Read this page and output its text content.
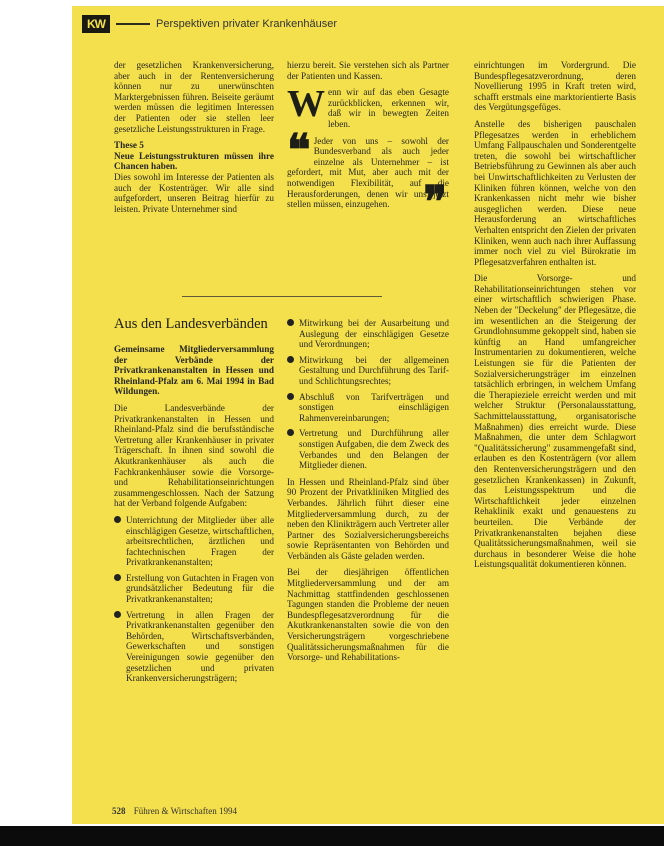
KW	Perspektiven privater Krankenhäuser

der gesetzlichen Krankenversicherung, aber auch in der Rentenversicherung können nur zu unerwünschten Marktergebnissen führen. Beiseite geräumt werden müssen die legitimen Interessen der Patienten oder sie stellen leer gesetzliche Leistungsstrukturen in Frage.

These 5

Neue Leistungsstrukturen müssen ihre Chancen haben.

Dies sowohl im Interesse der Patienten als auch der Kostenträger. Wir alle sind aufgefordert, unseren Beitrag hierfür zu leisten. Private Unternehmer sind

Aus den Landesverbänden

Gemeinsame Mitgliederversammlung der Verbände der Privatkrankenanstalten in Hessen und Rheinland-Pfalz am 6. Mai 1994 in Bad Wildungen.

Die Landesverbände der Privatkrankenanstalten in Hessen und Rheinland-Pfalz sind die berufsständische Vertretung aller Krankenhäuser in privater Trägerschaft. In ihnen sind sowohl die Akutkrankenhäuser als auch die Fachkrankenhäuser sowie die Vorsorge- und Rehabilitationseinrichtungen zusammengeschlossen. Nach der Satzung hat der Verband folgende Aufgaben:

Unterrichtung der Mitglieder über alle einschlägigen Gesetze, wirtschaftlichen, arbeitsrechtlichen, ärztlichen und fachtechnischen Fragen der Privatkrankenanstalten;
Erstellung von Gutachten in Fragen von grundsätzlicher Bedeutung für die Privatkrankenanstalten;
Vertretung in allen Fragen der Privatkrankenanstalten gegenüber den Behörden, Wirtschaftsverbänden, Gewerkschaften und sonstigen Vereinigungen sowie gegenüber den gesetzlichen und privaten Krankenversicherungsträgern;

hierzu bereit. Sie verstehen sich als Partner der Patienten und Kassen.

Wenn wir auf das eben Gesagte zurückblicken, erkennen wir, daß wir in bewegten Zeiten leben.

❝ Jeder von uns – sowohl der Bundesverband als auch jeder einzelne als Unternehmer – ist gefordert, mit Mut, aber auch mit der notwendigen Flexibilität, auf die Herausforderungen, denen wir uns jetzt stellen müssen, einzugehen. ❞
Mitwirkung bei der Ausarbeitung und Auslegung der einschlägigen Gesetze und Verordnungen;
Mitwirkung bei der allgemeinen Gestaltung und Durchführung des Tarif- und Schlichtungsrechtes;
Abschluß von Tarifverträgen und sonstigen einschlägigen Rahmenvereinbarungen;
Vertretung und Durchführung aller sonstigen Aufgaben, die dem Zweck des Verbandes und den Belangen der Mitglieder dienen.

In Hessen und Rheinland-Pfalz sind über 90 Prozent der Privatkliniken Mitglied des Verbandes. Jährlich führt dieser eine Mitgliederversammlung durch, zu der neben den Klinikträgern auch Vertreter aller Partner des Sozialversicherungsbereichs sowie Repräsentanten von Behörden und Verbänden als Gäste geladen werden.

Bei der diesjährigen öffentlichen Mitgliederversammlung und der am Nachmittag stattfindenden geschlossenen Tagungen standen die Probleme der neuen Bundespflegesatzverordnung für die Akutkrankenanstalten sowie die von den Versicherungsträgern vorgeschriebene Qualitätssicherungsmaßnahmen für die Vorsorge- und Rehabilitations-

einrichtungen im Vordergrund. Die Bundespflegesatzverordnung, deren Novellierung 1995 in Kraft treten wird, schafft erstmals eine marktorientierte Basis des Vergütungsgefüges.

Anstelle des bisherigen pauschalen Pflegesatzes werden in erheblichem Umfang Fallpauschalen und Sonderentgelte treten, die sowohl bei wirtschaftlicher Betriebsführung zu Gewinnen als aber auch bei Unwirtschaftlichkeiten zu Verlusten der Kliniken führen können, welche von den Krankenkassen nicht mehr wie bisher ausgeglichen werden. Diese neue Herausforderung an wirtschaftliches Verhalten entspricht den Zielen der privaten Kliniken, wenn auch nach ihrer Auffassung immer noch viel zu viel Bürokratie im Pflegesatzverfahren enthalten ist.

Die Vorsorge- und Rehabilitationseinrichtungen stehen vor einer wirtschaftlich schwierigen Phase. Neben der "Deckelung" der Pflegesätze, die im wesentlichen an die Steigerung der Grundlohnsumme gekoppelt sind, haben sie künftig an Hand umfangreicher Instrumentarien zu dokumentieren, welche Leistungen sie für die Patienten der Sozialversicherungsträger im einzelnen tatsächlich erbringen, in welchem Umfang die Therapieziele erreicht werden und mit welcher Struktur (Personalausstattung, Sachmittelausstattung, organisatorische Maßnahmen) dies erreicht wurde. Diese Maßnahmen, die unter dem Schlagwort "Qualitätssicherung" zusammengefaßt sind, erlauben es den Kostenträgern (vor allem den Rentenversicherungsträgern und den gesetzlichen Krankenkassen) in Zukunft, das Leistungsspektrum und die Wirtschaftlichkeit jeder einzelnen Rehaklinik exakt und genauestens zu beurteilen. Die Verbände der Privatkrankenanstalten bejahen diese Qualitätssicherungsmaßnahmen, weil sie durchaus in besonderer Weise die hohe Leistungsqualität dokumentieren können.

528 Führen & Wirtschaften 1994
